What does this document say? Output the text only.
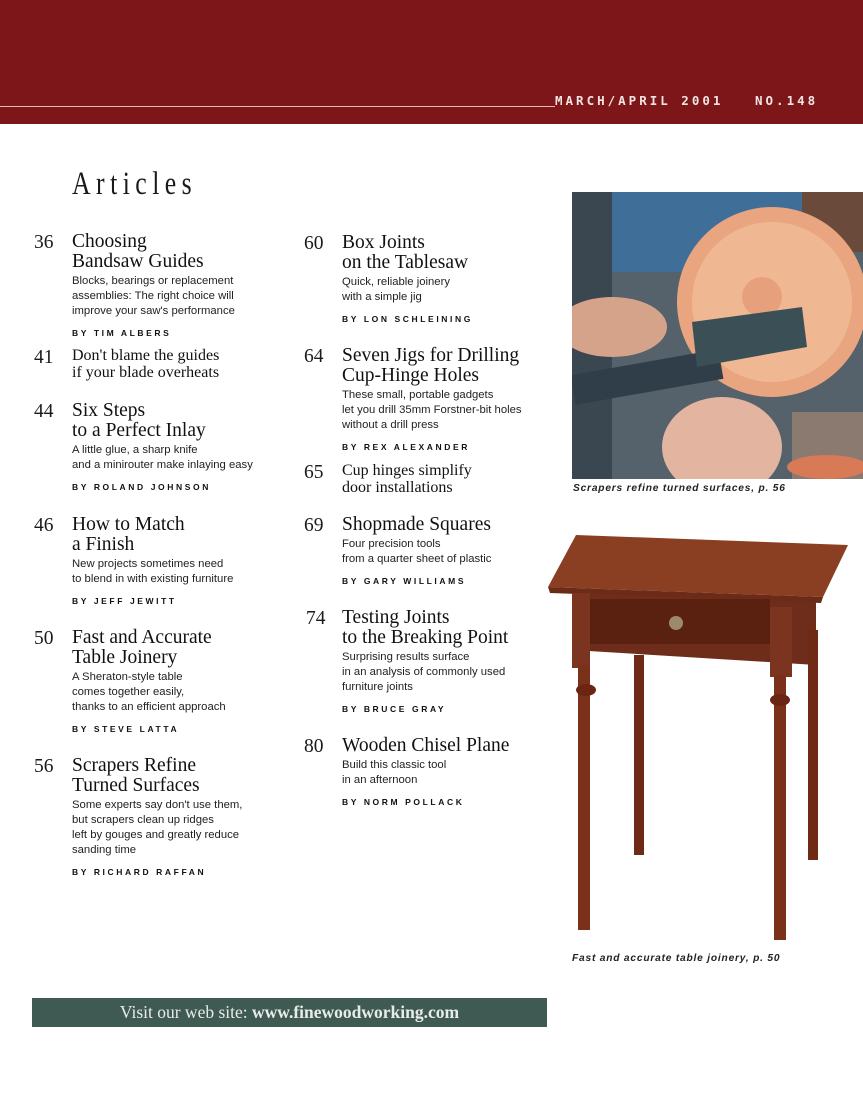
MARCH/APRIL 2001	NO.148
Articles
36 Choosing
Bandsaw Guides
Blocks, bearings or replacement
assemblies: The right choice will
improve your saw's performance
BY TIM ALBERS
41 Don't blame the guides
if your blade overheats
44 Six Steps
to a Perfect Inlay
A little glue, a sharp knife
and a minirouter make inlaying easy
BY ROLAND JOHNSON
46 How to Match
a Finish
New projects sometimes need
to blend in with existing furniture
BY JEFF JEWITT
50 Fast and Accurate
Table Joinery
A Sheraton-style table
comes together easily,
thanks to an efficient approach
BY STEVE LATTA
56 Scrapers Refine
Turned Surfaces
Some experts say don't use them,
but scrapers clean up ridges
left by gouges and greatly reduce
sanding time
BY RICHARD RAFFAN
60 Box Joints
on the Tablesaw
Quick, reliable joinery
with a simple jig
BY LON SCHLEINING
64 Seven Jigs for Drilling
Cup-Hinge Holes
These small, portable gadgets
let you drill 35mm Forstner-bit holes
without a drill press
BY REX ALEXANDER
65 Cup hinges simplify
door installations
69 Shopmade Squares
Four precision tools
from a quarter sheet of plastic
BY GARY WILLIAMS
74 Testing Joints
to the Breaking Point
Surprising results surface
in an analysis of commonly used
furniture joints
BY BRUCE GRAY
80 Wooden Chisel Plane
Build this classic tool
in an afternoon
BY NORM POLLACK
Scrapers refine turned surfaces, p. 56
Fast and accurate table joinery, p. 50
Visit our web site: www.finewoodworking.com
